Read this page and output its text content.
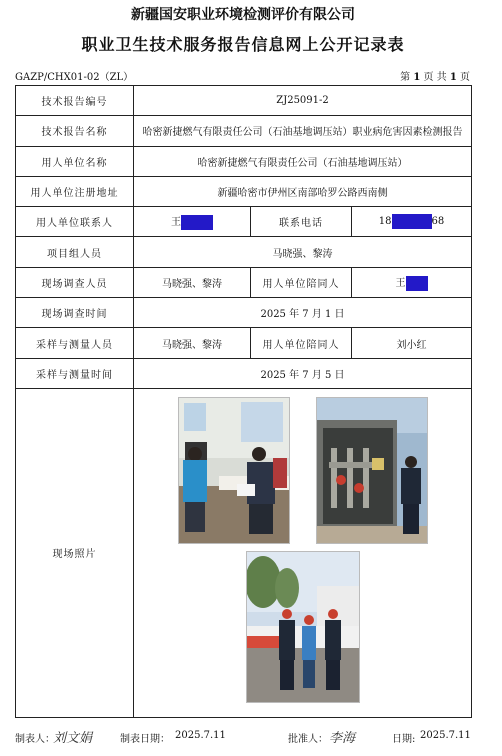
新疆国安职业环境检测评价有限公司
职业卫生技术服务报告信息网上公开记录表
GAZP/CHX01-02（ZL）	第 1 页 共 1 页
技术报告编号	ZJ25091-2		
技术报告名称	哈密新捷燃气有限责任公司（石油基地调压站）职业病危害因素检测报告		
用人单位名称	哈密新捷燃气有限责任公司（石油基地调压站）		
用人单位注册地址	新疆哈密市伊州区南部哈罗公路西南侧		
用人单位联系人	王	联系电话	18 68
项目组人员	马晓强、黎涛		
现场调查人员	马晓强、黎涛	用人单位陪同人	王
现场调查时间	2025 年 7 月 1 日		
采样与测量人员	马晓强、黎涛	用人单位陪同人	刘小红
采样与测量时间	2025 年 7 月 5 日		
现场照片	
制表人：
刘文娟	制表日期： 2025.7.11	批准人： 李海	日期: 2025.7.11
